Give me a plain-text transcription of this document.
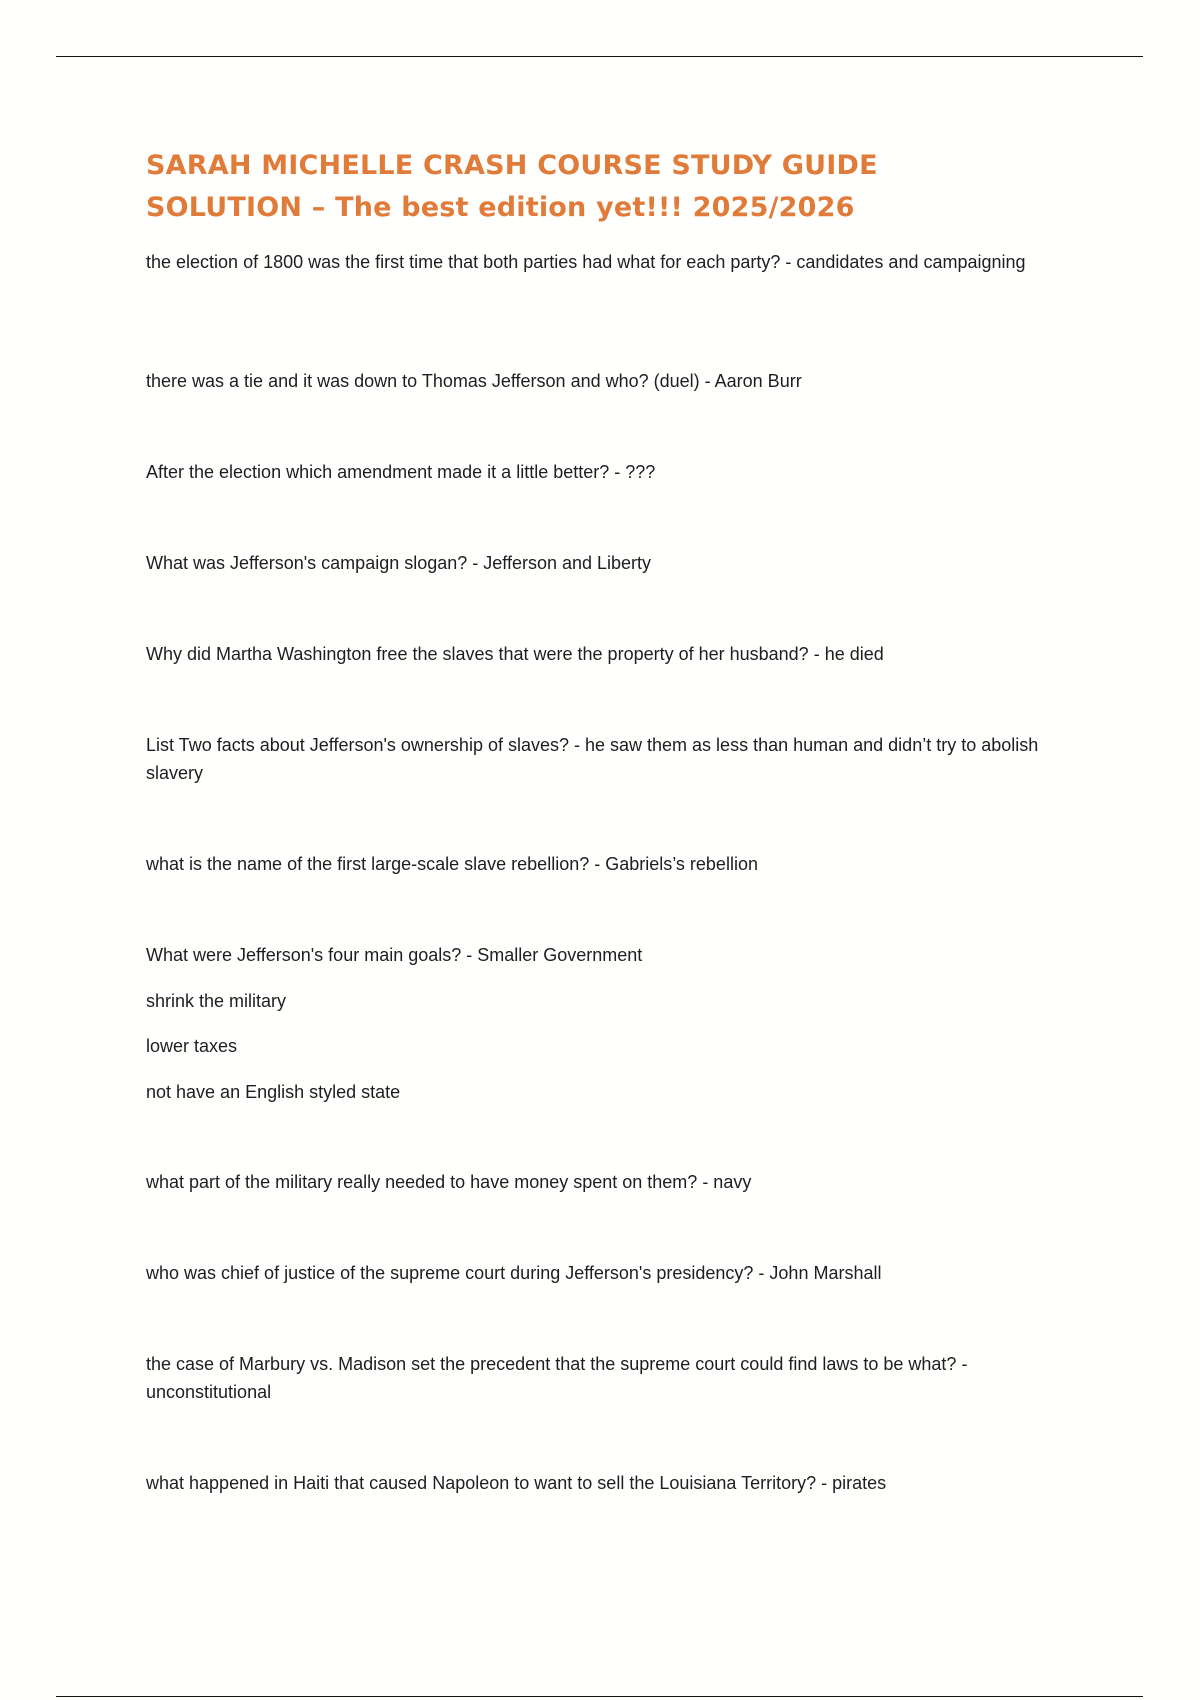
SARAH MICHELLE CRASH COURSE STUDY GUIDE
SOLUTION – The best edition yet!!! 2025/2026

the election of 1800 was the first time that both parties had what for each party? - candidates and campaigning

there was a tie and it was down to Thomas Jefferson and who? (duel) - Aaron Burr

After the election which amendment made it a little better? - ???

What was Jefferson's campaign slogan? - Jefferson and Liberty

Why did Martha Washington free the slaves that were the property of her husband? - he died

List Two facts about Jefferson's ownership of slaves? - he saw them as less than human and didn’t try to abolish slavery

what is the name of the first large-scale slave rebellion? - Gabriels’s rebellion

What were Jefferson's four main goals? - Smaller Government

shrink the military

lower taxes

not have an English styled state

what part of the military really needed to have money spent on them? - navy

who was chief of justice of the supreme court during Jefferson's presidency? - John Marshall

the case of Marbury vs. Madison set the precedent that the supreme court could find laws to be what? - unconstitutional

what happened in Haiti that caused Napoleon to want to sell the Louisiana Territory? - pirates
